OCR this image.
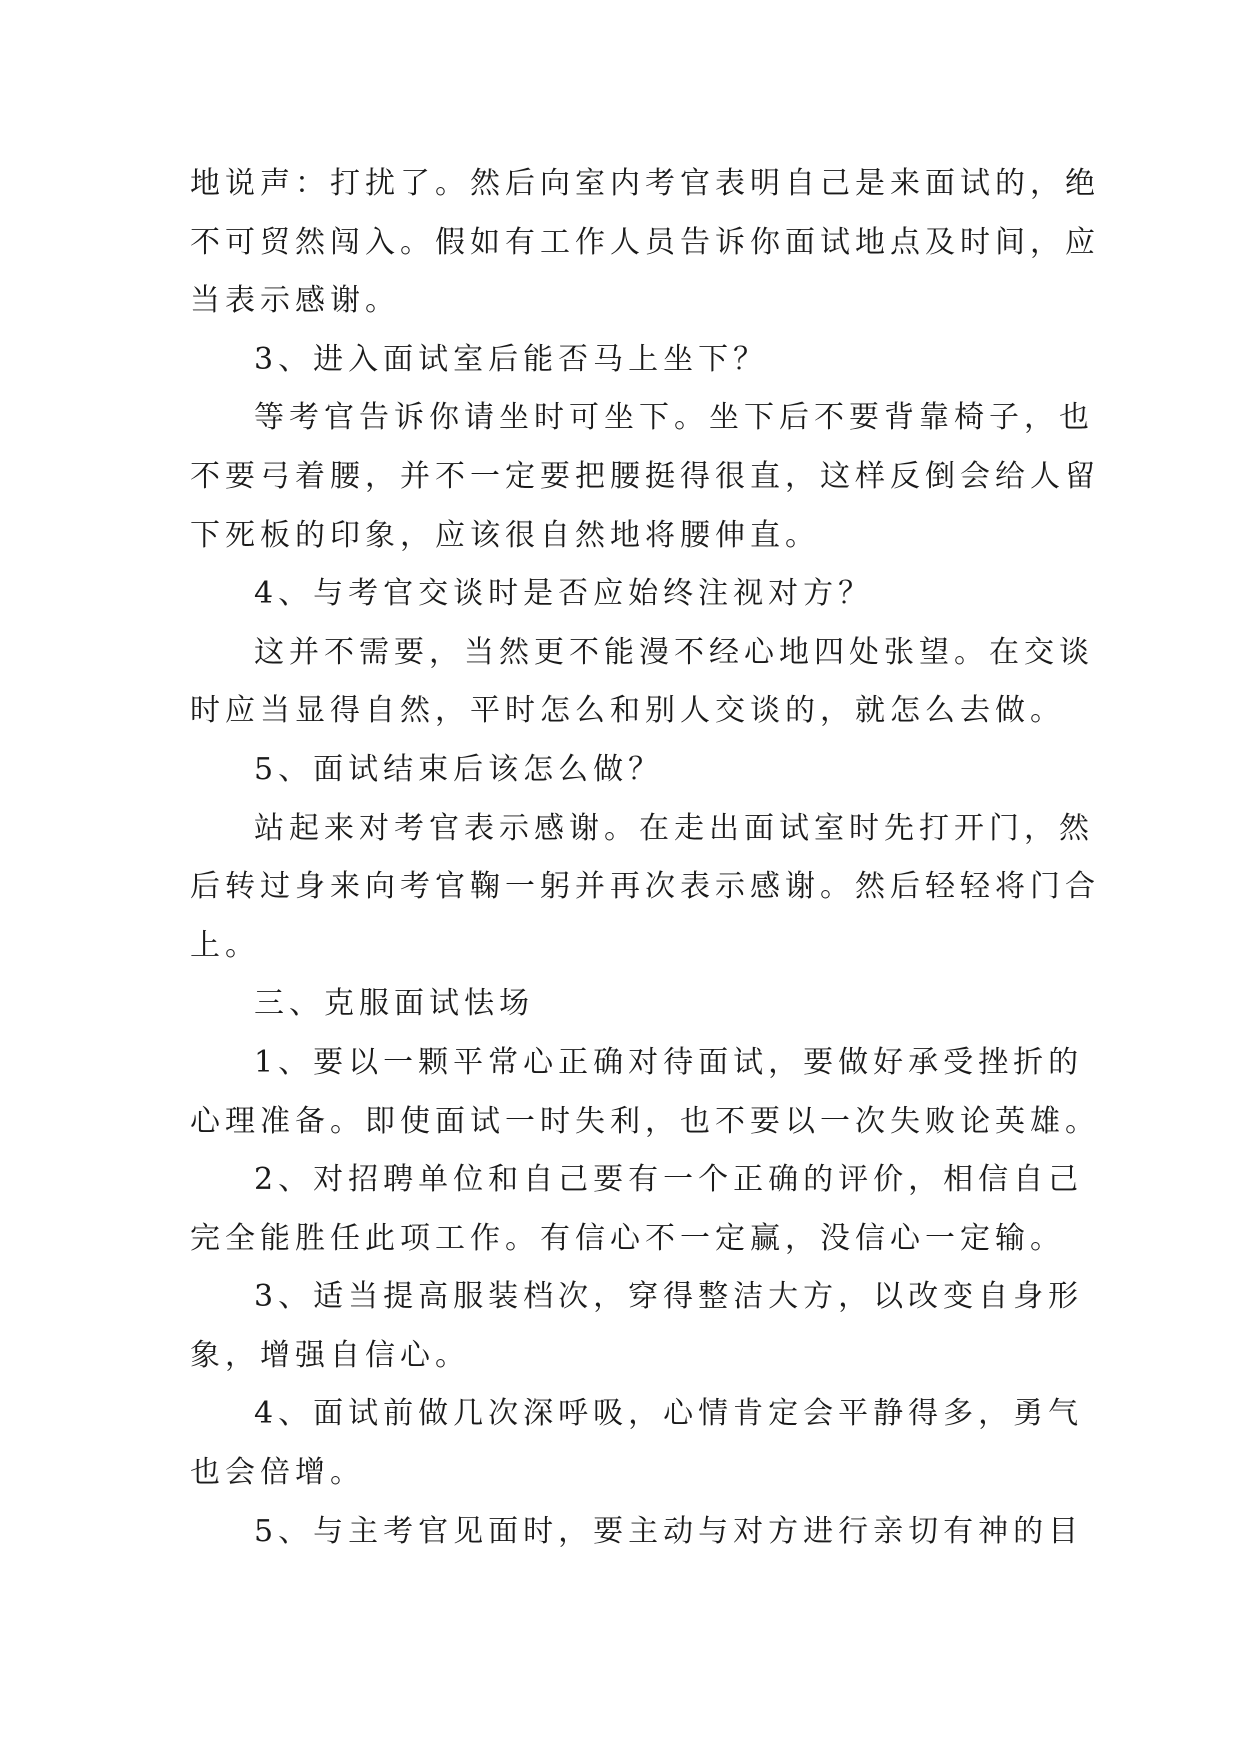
地说声：打扰了。然后向室内考官表明自己是来面试的，绝
不可贸然闯入。假如有工作人员告诉你面试地点及时间，应
当表示感谢。
3、进入面试室后能否马上坐下？
等考官告诉你请坐时可坐下。坐下后不要背靠椅子，也
不要弓着腰，并不一定要把腰挺得很直，这样反倒会给人留
下死板的印象，应该很自然地将腰伸直。
4、与考官交谈时是否应始终注视对方？
这并不需要，当然更不能漫不经心地四处张望。在交谈
时应当显得自然，平时怎么和别人交谈的，就怎么去做。
5、面试结束后该怎么做？
站起来对考官表示感谢。在走出面试室时先打开门，然
后转过身来向考官鞠一躬并再次表示感谢。然后轻轻将门合
上。
三、克服面试怯场
1、要以一颗平常心正确对待面试，要做好承受挫折的
心理准备。即使面试一时失利，也不要以一次失败论英雄。
2、对招聘单位和自己要有一个正确的评价，相信自己
完全能胜任此项工作。有信心不一定赢，没信心一定输。
3、适当提高服装档次，穿得整洁大方，以改变自身形
象，增强自信心。
4、面试前做几次深呼吸，心情肯定会平静得多，勇气
也会倍增。
5、与主考官见面时，要主动与对方进行亲切有神的目
